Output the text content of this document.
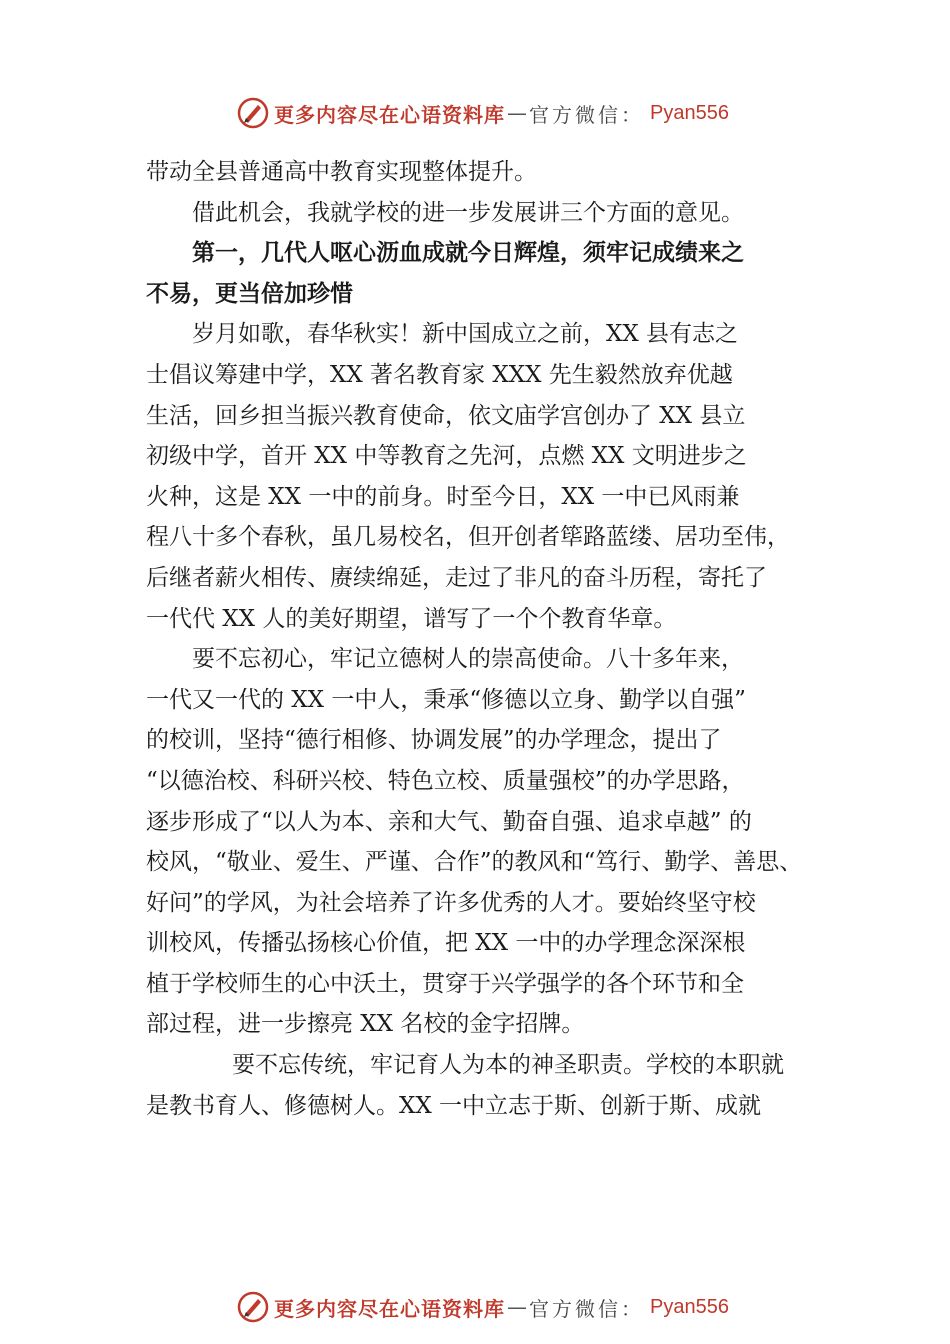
更多内容尽在心语资料库 — 官方微信： Pyan556
带动全县普通高中教育实现整体提升。
借此机会，我就学校的进一步发展讲三个方面的意见。
第一，几代人呕心沥血成就今日辉煌，须牢记成绩来之
不易，更当倍加珍惜
岁月如歌，春华秋实！新中国成立之前，XX 县有志之
士倡议筹建中学，XX 著名教育家 XXX 先生毅然放弃优越
生活，回乡担当振兴教育使命，依文庙学宫创办了 XX 县立
初级中学，首开 XX 中等教育之先河，点燃 XX 文明进步之
火种，这是 XX 一中的前身。时至今日，XX 一中已风雨兼
程八十多个春秋，虽几易校名，但开创者筚路蓝缕、居功至伟，
后继者薪火相传、赓续绵延，走过了非凡的奋斗历程，寄托了
一代代 XX 人的美好期望，谱写了一个个教育华章。
要不忘初心，牢记立德树人的崇高使命。八十多年来，
一代又一代的 XX 一中人，秉承“修德以立身、勤学以自强”
的校训，坚持“德行相修、协调发展”的办学理念，提出了
“以德治校、科研兴校、特色立校、质量强校”的办学思路，
逐步形成了“以人为本、亲和大气、勤奋自强、追求卓越” 的
校风，“敬业、爱生、严谨、合作”的教风和“笃行、勤学、善思、
好问”的学风，为社会培养了许多优秀的人才。要始终坚守校
训校风，传播弘扬核心价值，把 XX 一中的办学理念深深根
植于学校师生的心中沃土，贯穿于兴学强学的各个环节和全
部过程，进一步擦亮 XX 名校的金字招牌。
要不忘传统，牢记育人为本的神圣职责。学校的本职就
是教书育人、修德树人。XX 一中立志于斯、创新于斯、成就
更多内容尽在心语资料库 — 官方微信： Pyan556
